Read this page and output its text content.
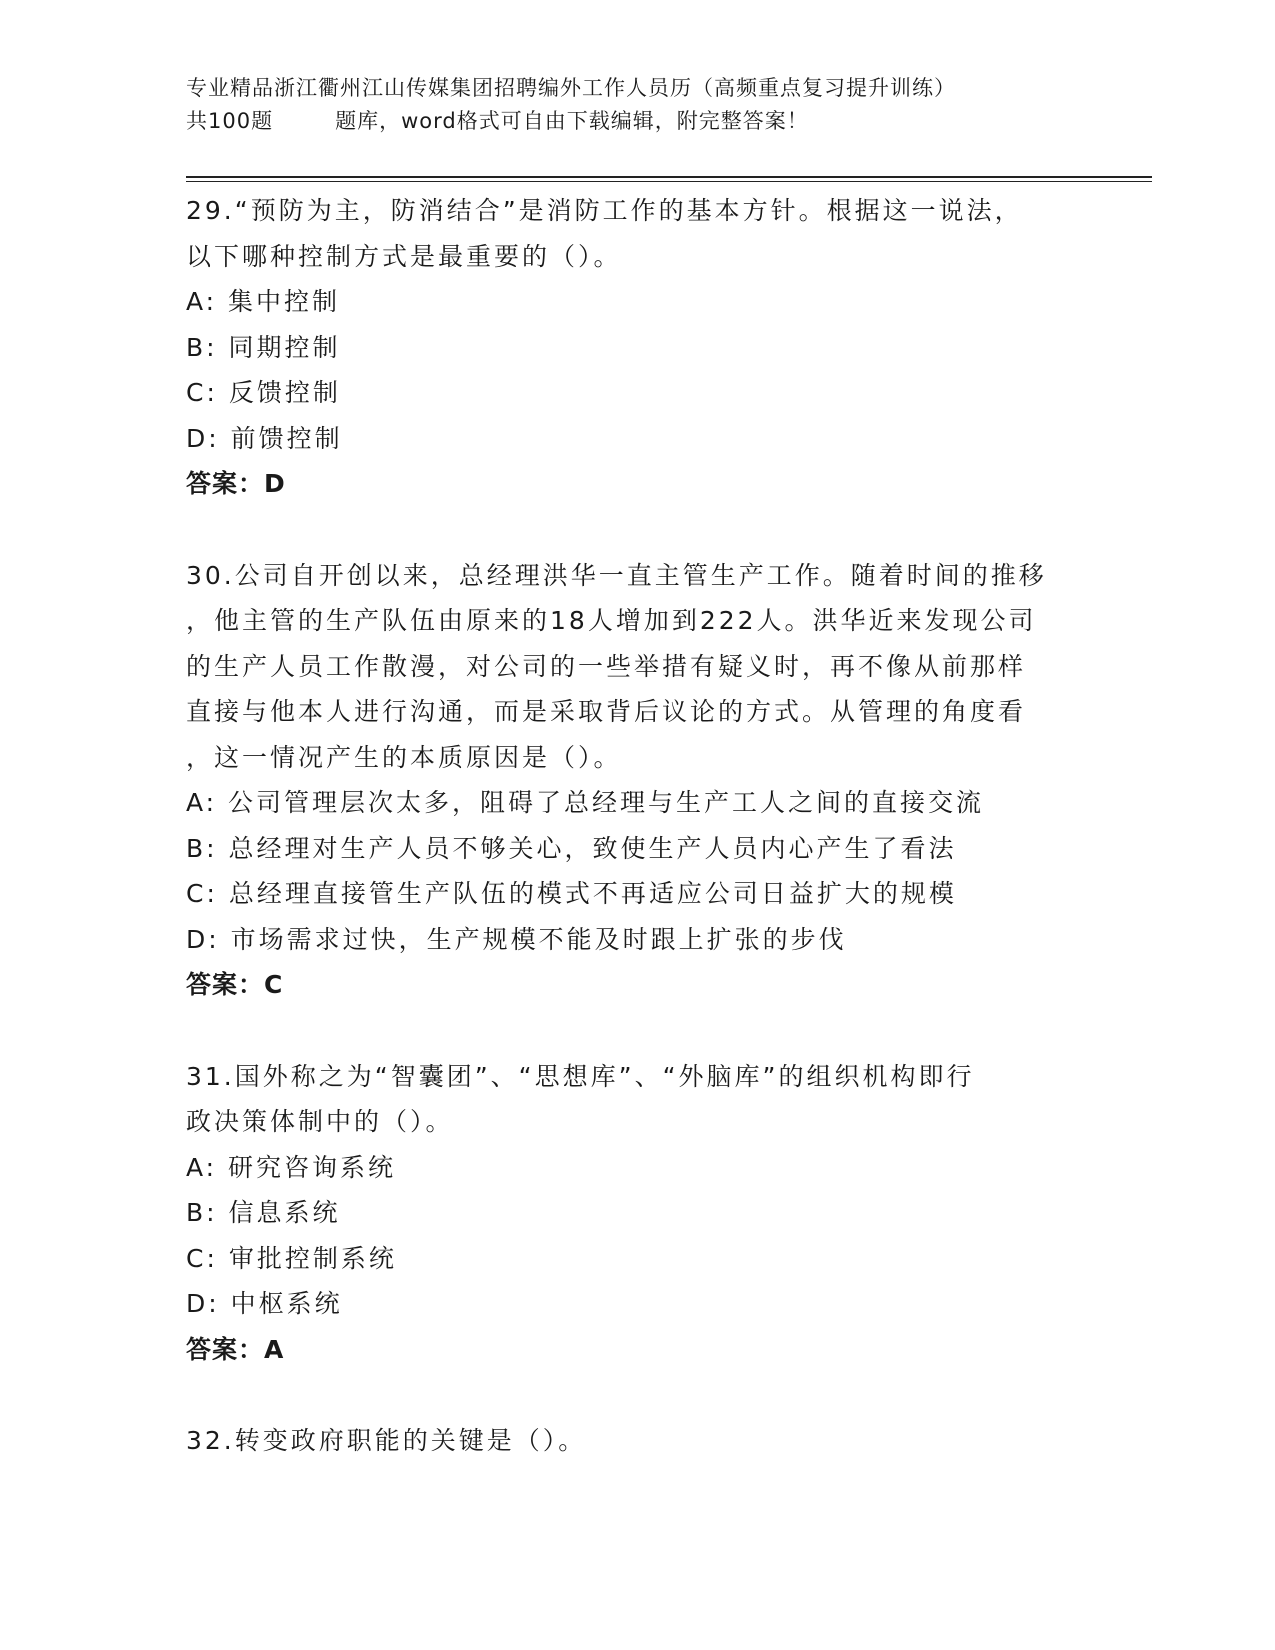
专业精品浙江衢州江山传媒集团招聘编外工作人员历（高频重点复习提升训练）
共100题	题库，word格式可自由下载编辑，附完整答案！
29.“预防为主，防消结合”是消防工作的基本方针。根据这一说法，
以下哪种控制方式是最重要的（）。
A: 集中控制
B: 同期控制
C: 反馈控制
D: 前馈控制
答案：D
30.公司自开创以来，总经理洪华一直主管生产工作。随着时间的推移
，他主管的生产队伍由原来的18人增加到222人。洪华近来发现公司
的生产人员工作散漫，对公司的一些举措有疑义时，再不像从前那样
直接与他本人进行沟通，而是采取背后议论的方式。从管理的角度看
，这一情况产生的本质原因是（）。
A: 公司管理层次太多，阻碍了总经理与生产工人之间的直接交流
B: 总经理对生产人员不够关心，致使生产人员内心产生了看法
C: 总经理直接管生产队伍的模式不再适应公司日益扩大的规模
D: 市场需求过快，生产规模不能及时跟上扩张的步伐
答案：C
31.国外称之为“智囊团”、“思想库”、“外脑库”的组织机构即行
政决策体制中的（）。
A: 研究咨询系统
B: 信息系统
C: 审批控制系统
D: 中枢系统
答案：A
32.转变政府职能的关键是（）。
